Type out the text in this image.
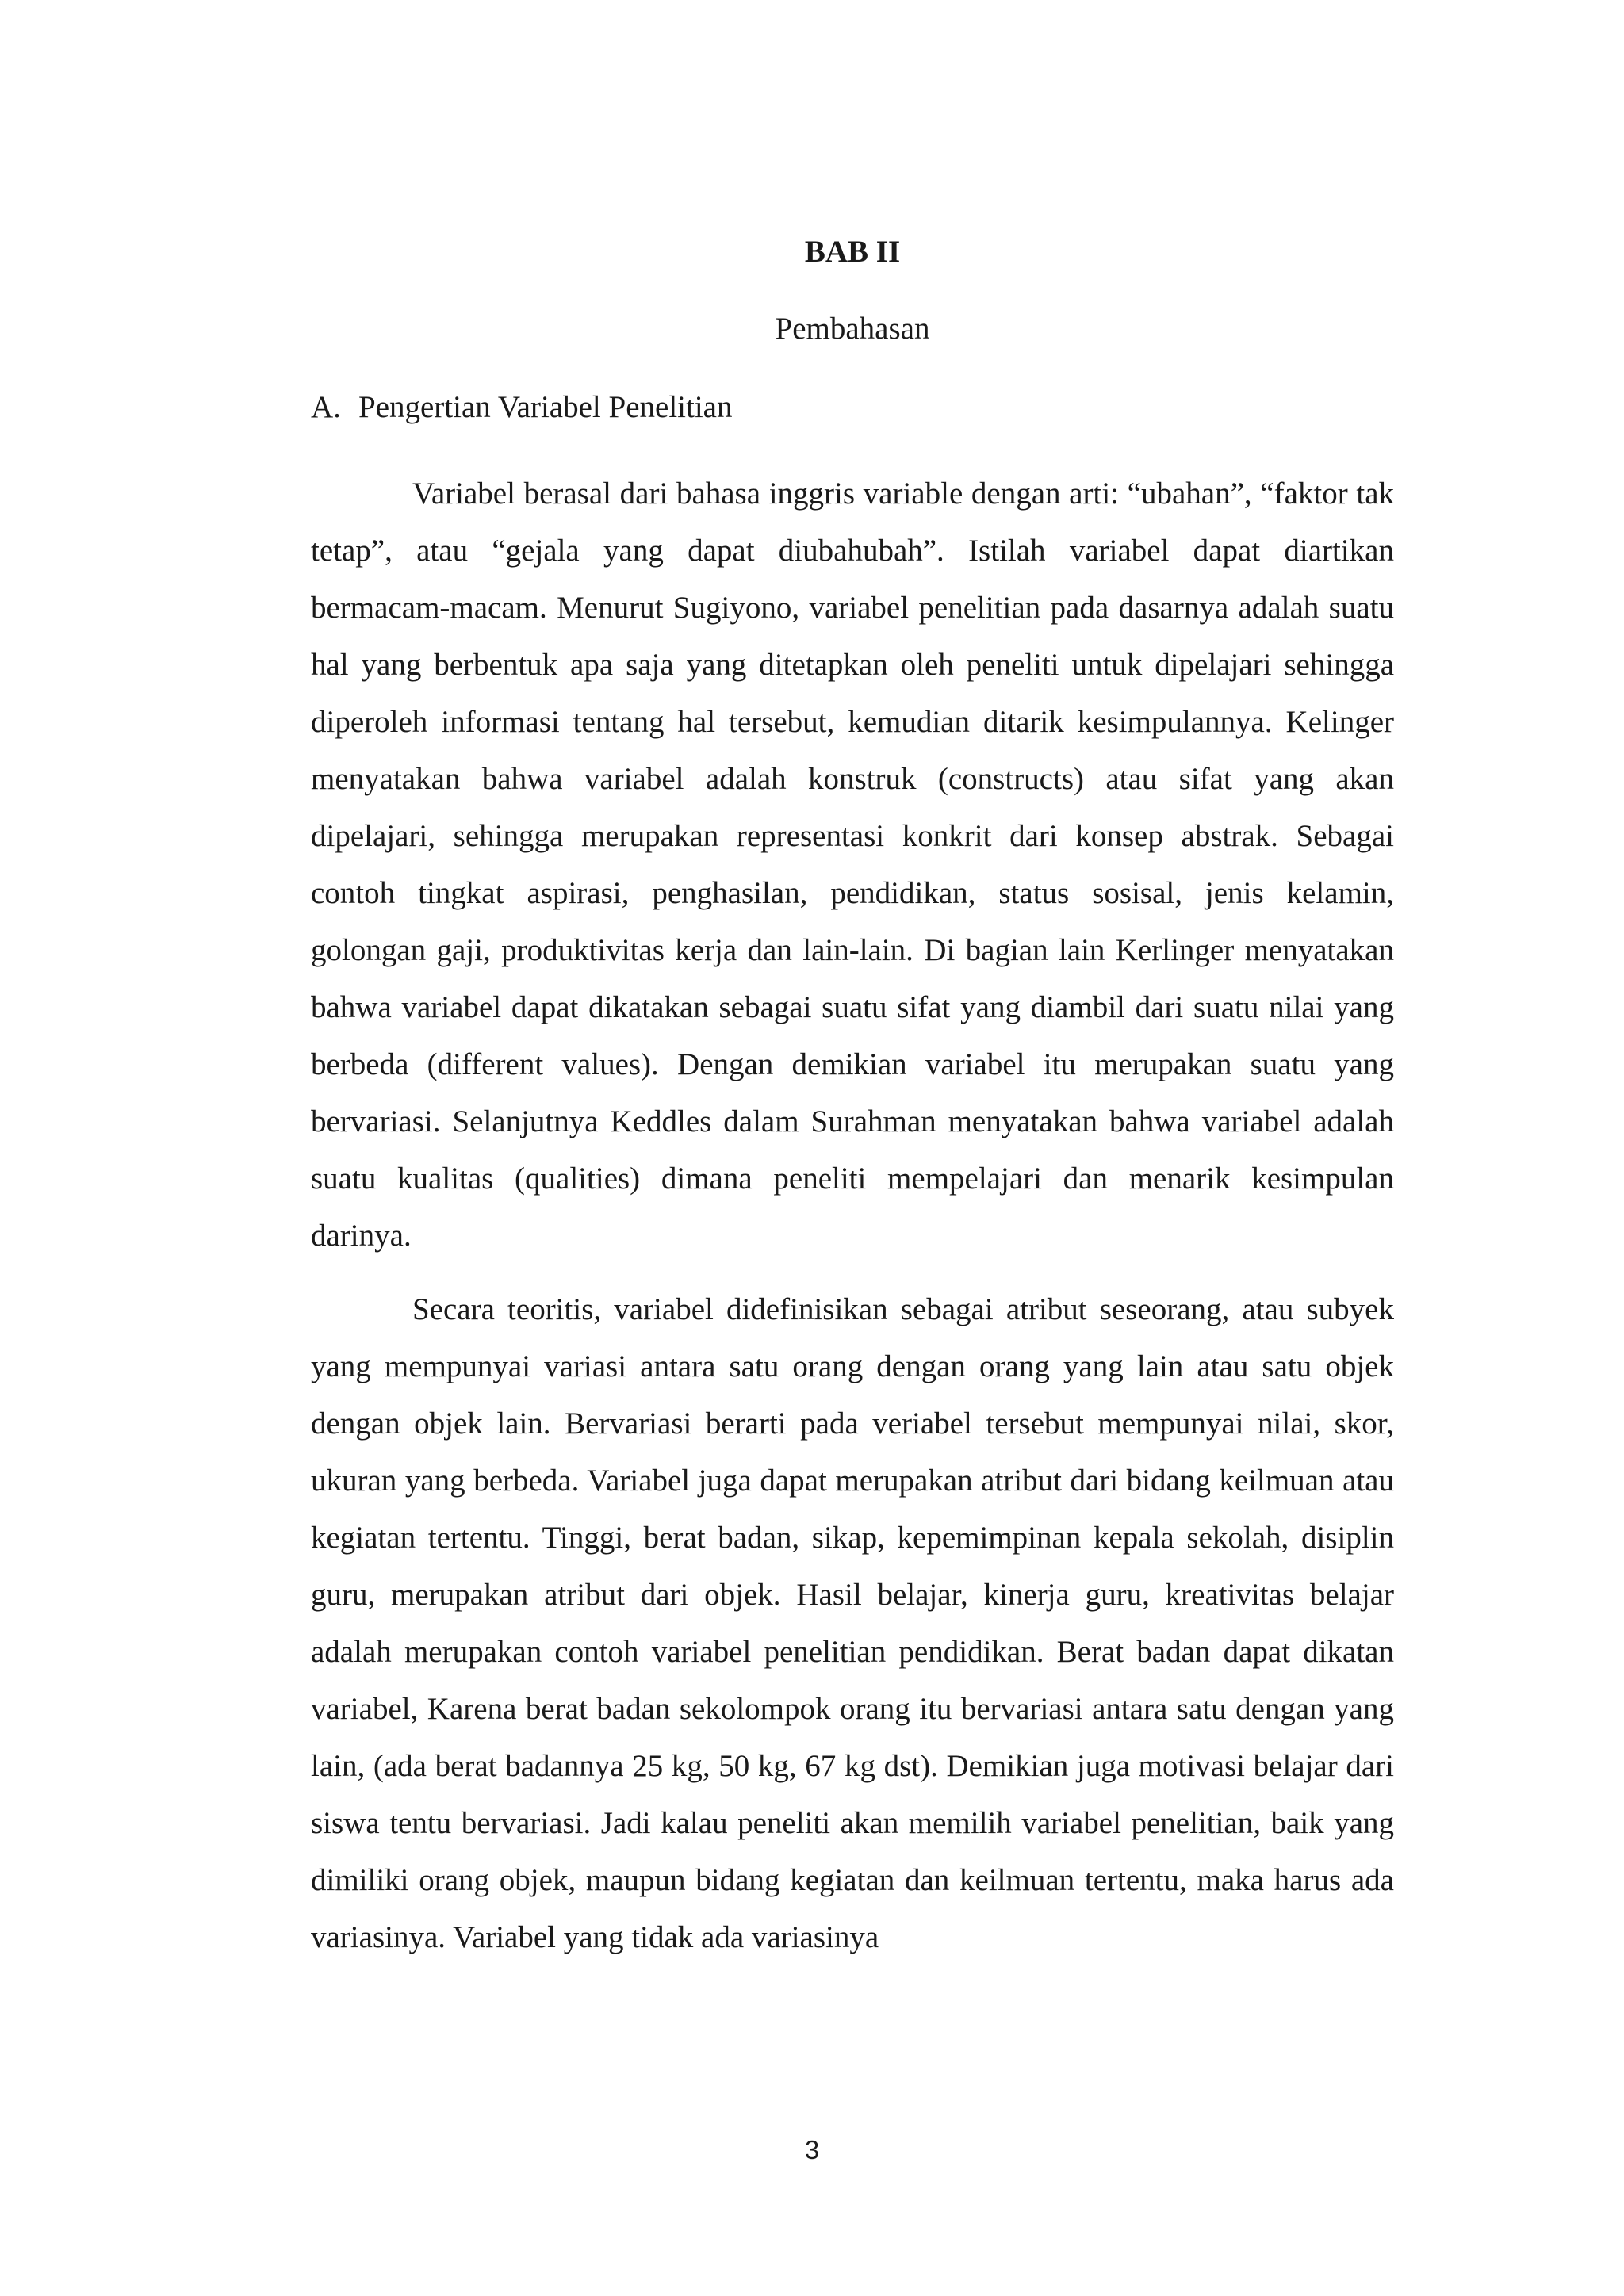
BAB II
Pembahasan
A. Pengertian Variabel Penelitian

Variabel berasal dari bahasa inggris variable dengan arti: “ubahan”, “faktor tak tetap”, atau “gejala yang dapat diubahubah”. Istilah variabel dapat diartikan bermacam-macam. Menurut Sugiyono, variabel penelitian pada dasarnya adalah suatu hal yang berbentuk apa saja yang ditetapkan oleh peneliti untuk dipelajari sehingga diperoleh informasi tentang hal tersebut, kemudian ditarik kesimpulannya. Kelinger menyatakan bahwa variabel adalah konstruk (constructs) atau sifat yang akan dipelajari, sehingga merupakan representasi konkrit dari konsep abstrak. Sebagai contoh tingkat aspirasi, penghasilan, pendidikan, status sosisal, jenis kelamin, golongan gaji, produktivitas kerja dan lain-lain. Di bagian lain Kerlinger menyatakan bahwa variabel dapat dikatakan sebagai suatu sifat yang diambil dari suatu nilai yang berbeda (different values). Dengan demikian variabel itu merupakan suatu yang bervariasi. Selanjutnya Keddles dalam Surahman menyatakan bahwa variabel adalah suatu kualitas (qualities) dimana peneliti mempelajari dan menarik kesimpulan darinya.

Secara teoritis, variabel didefinisikan sebagai atribut seseorang, atau subyek yang mempunyai variasi antara satu orang dengan orang yang lain atau satu objek dengan objek lain. Bervariasi berarti pada veriabel tersebut mempunyai nilai, skor, ukuran yang berbeda. Variabel juga dapat merupakan atribut dari bidang keilmuan atau kegiatan tertentu. Tinggi, berat badan, sikap, kepemimpinan kepala sekolah, disiplin guru, merupakan atribut dari objek. Hasil belajar, kinerja guru, kreativitas belajar adalah merupakan contoh variabel penelitian pendidikan. Berat badan dapat dikatan variabel, Karena berat badan sekolompok orang itu bervariasi antara satu dengan yang lain, (ada berat badannya 25 kg, 50 kg, 67 kg dst). Demikian juga motivasi belajar dari siswa tentu bervariasi. Jadi kalau peneliti akan memilih variabel penelitian, baik yang dimiliki orang objek, maupun bidang kegiatan dan keilmuan tertentu, maka harus ada variasinya. Variabel yang tidak ada variasinya

3
